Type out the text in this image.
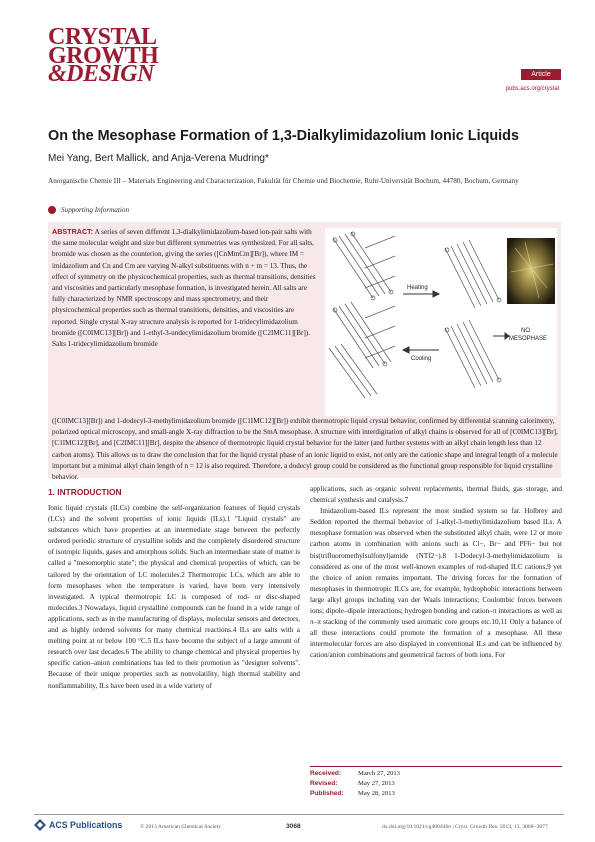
CRYSTAL
GROWTH
&DESIGN	Article
pubs.acs.org/crystal
On the Mesophase Formation of 1,3-Dialkylimidazolium Ionic Liquids
Mei Yang, Bert Mallick, and Anja-Verena Mudring*
Anorganische Chemie III – Materials Engineering and Characterization, Fakultät für Chemie und Biochemie, Ruhr-Universität Bochum, 44780, Bochum, Germany
Supporting Information
ABSTRACT: A series of seven different 1,3-dialkylimidazolium-based ion-pair salts with the same molecular weight and size but different symmetries was synthesized. For all salts, bromide was chosen as the counterion, giving the series ([CnMmCm][Br]), where IM = imidazolium and Cn and Cm are varying N-alkyl substituents with n + m = 13. Thus, the effect of symmetry on the physicochemical properties, such as thermal transitions, densities and viscosities and particularly mesophase formation, is investigated herein. All salts are fully characterized by NMR spectroscopy and mass spectrometry, and their physicochemical properties such as thermal transitions, densities, and viscosities are reported. Single crystal X-ray structure analysis is reported for 1-tridecylimidazolium bromide ([C0IMC13][Br]) and 1-ethyl-3-undecylimidazolium bromide ([C2IMC11][Br]). Salts 1-tridecylimidazolium bromide
([C0IMC13][Br]) and 1-dodecyl-3-methylimidazolium bromide ([C1IMC12][Br]) exhibit thermotropic liquid crystal behavior, confirmed by differential scanning calorimetry, polarized optical microscopy, and small-angle X-ray diffraction to be the SmA mesophase. A structure with interdigitation of alkyl chains is observed for all of [C0IMC13][Br], [C1IMC12][Br], and [C2IMC11][Br], despite the absence of thermotropic liquid crystal behavior for the latter (and further systems with an alkyl chain length less than 12 carbon atoms). This allows us to draw the conclusion that for the liquid crystal phase of an ionic liquid to exist, not only are the cationic shape and integral length of a molecule important but a minimal alkyl chain length of n = 12 is also required. Therefore, a dodecyl group could be considered as the functional group responsible for liquid crystalline behavior.
Heating
Cooling
NO
MESOPHASE
1. INTRODUCTION

Ionic liquid crystals (ILCs) combine the self-organization features of liquid crystals (LCs) and the solvent properties of ionic liquids (ILs).1 "Liquid crystals" are substances which have properties at an intermediate stage between the perfectly ordered periodic structure of crystalline solids and the completely disordered structure of isotropic liquids, gases and amorphous solids. Such an intermediate state of matter is called a "mesomorphic state"; the physical and chemical properties of which, can be tailored by the orientation of LC molecules.2 Thermotropic LCs, which are able to form mesophases when the temperature is varied, have been very intensively investigated. A typical thermotropic LC is composed of rod- or disc-shaped molecules.3 Nowadays, liquid crystalline compounds can be found in a wide range of applications, such as in the manufacturing of displays, molecular sensors and detectors, and as highly ordered solvents for many chemical reactions.4 ILs are salts with a melting point at or below 100 °C.5 ILs have become the subject of a large amount of research over last decades.6 The ability to change chemical and physical properties by specific cation–anion combinations has led to their promotion as "designer solvents". Because of their unique properties such as nonvolatility, high thermal stability and nonflammability, ILs have been used in a wide variety of

applications, such as organic solvent replacements, thermal fluids, gas storage, and chemical synthesis and catalysis.7

Imidazolium-based ILs represent the most studied system so far. Holbrey and Seddon reported the thermal behavior of 1-alkyl-3-methylimidazolium based ILs. A mesophase formation was observed when the substituted alkyl chain, were 12 or more carbon atoms in combination with anions such as Cl−, Br− and PF6− but not bis(trifluoromethylsulfonyl)amide (NTf2−).8 1-Dodecyl-3-methylimidazolium is considered as one of the most well-known examples of rod-shaped ILC cations,9 yet the choice of anion remains important. The driving forces for the formation of mesophases in thermotropic ILCs are, for example, hydrophobic interactions between large alkyl groups including van der Waals interactions; Coulombic forces between ions; dipole–dipole interactions; hydrogen bonding and cation–π interactions as well as π–π stacking of the commonly used aromatic core groups etc.10,11 Only a balance of all these interactions could promote the formation of a mesophase. All these intermolecular forces are also displayed in conventional ILs and can be influenced by cation/anion combinations and geometrical factors of both ions. For

Received:	March 27, 2013
Revised:	May 27, 2013
Published: May 28, 2013
ACS Publications	© 2013 American Chemical Society	3068	dx.doi.org/10.1021/cg400446n | Cryst. Growth Des. 2013, 13, 3068−3077
